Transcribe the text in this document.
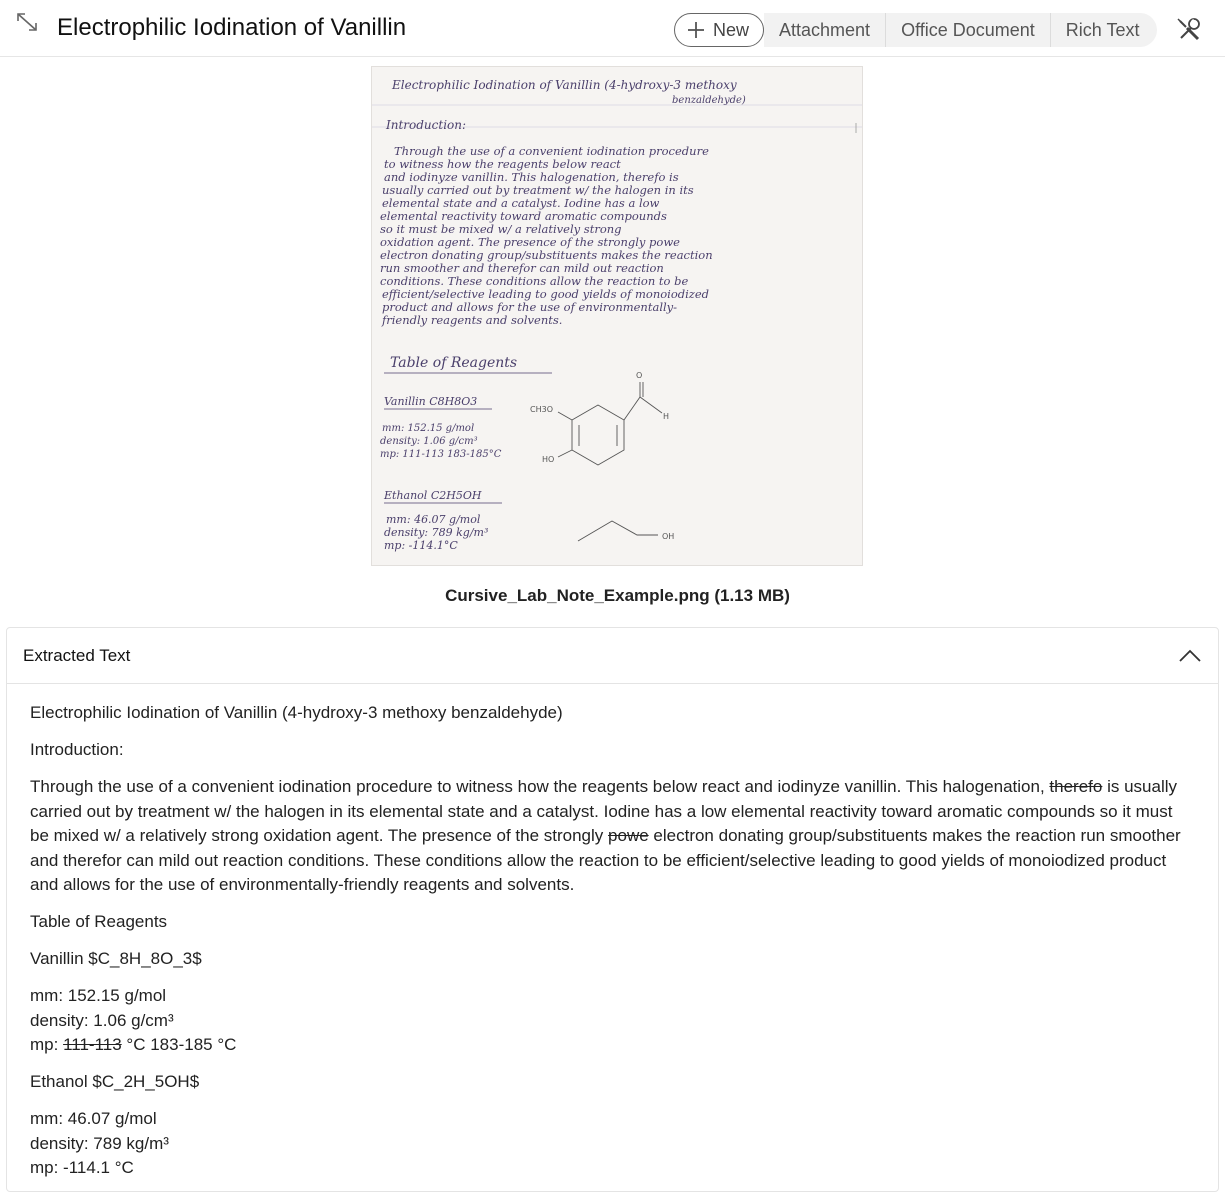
Electrophilic Iodination of Vanillin	New	Attachment	Office Document	Rich Text
Electrophilic Iodination of Vanillin (4-hydroxy-3 methoxy
benzaldehyde)
Introduction:
Through the use of a convenient iodination procedure
to witness how the reagents below react
and iodinyze vanillin. This halogenation, therefo is
usually carried out by treatment w/ the halogen in its
elemental state and a catalyst. Iodine has a low
elemental reactivity toward aromatic compounds
so it must be mixed w/ a relatively strong
oxidation agent. The presence of the strongly powe
electron donating group/substituents makes the reaction
run smoother and therefor can mild out reaction
conditions. These conditions allow the reaction to be
efficient/selective leading to good yields of monoiodized
product and allows for the use of environmentally-
friendly reagents and solvents.
Table of Reagents
Vanillin C8H8O3
mm: 152.15 g/mol
density: 1.06 g/cm³
mp: 111-113 183-185°C
Ethanol C2H5OH
mm: 46.07 g/mol
density: 789 kg/m³
mp: -114.1°C
CH3O
H
O
HO
OH
Cursive_Lab_Note_Example.png (1.13 MB)
Extracted Text

Electrophilic Iodination of Vanillin (4-hydroxy-3 methoxy benzaldehyde)

Introduction:

Through the use of a convenient iodination procedure to witness how the reagents below react and iodinyze vanillin. This halogenation, therefo is usually carried out by treatment w/ the halogen in its elemental state and a catalyst. Iodine has a low elemental reactivity toward aromatic compounds so it must be mixed w/ a relatively strong oxidation agent. The presence of the strongly powe electron donating group/substituents makes the reaction run smoother and therefor can mild out reaction conditions. These conditions allow the reaction to be efficient/selective leading to good yields of monoiodized product and allows for the use of environmentally-friendly reagents and solvents.

Table of Reagents

Vanillin $C_8H_8O_3$

mm: 152.15 g/mol
density: 1.06 g/cm³
mp: 111-113 °C 183-185 °C

Ethanol $C_2H_5OH$

mm: 46.07 g/mol
density: 789 kg/m³
mp: -114.1 °C
